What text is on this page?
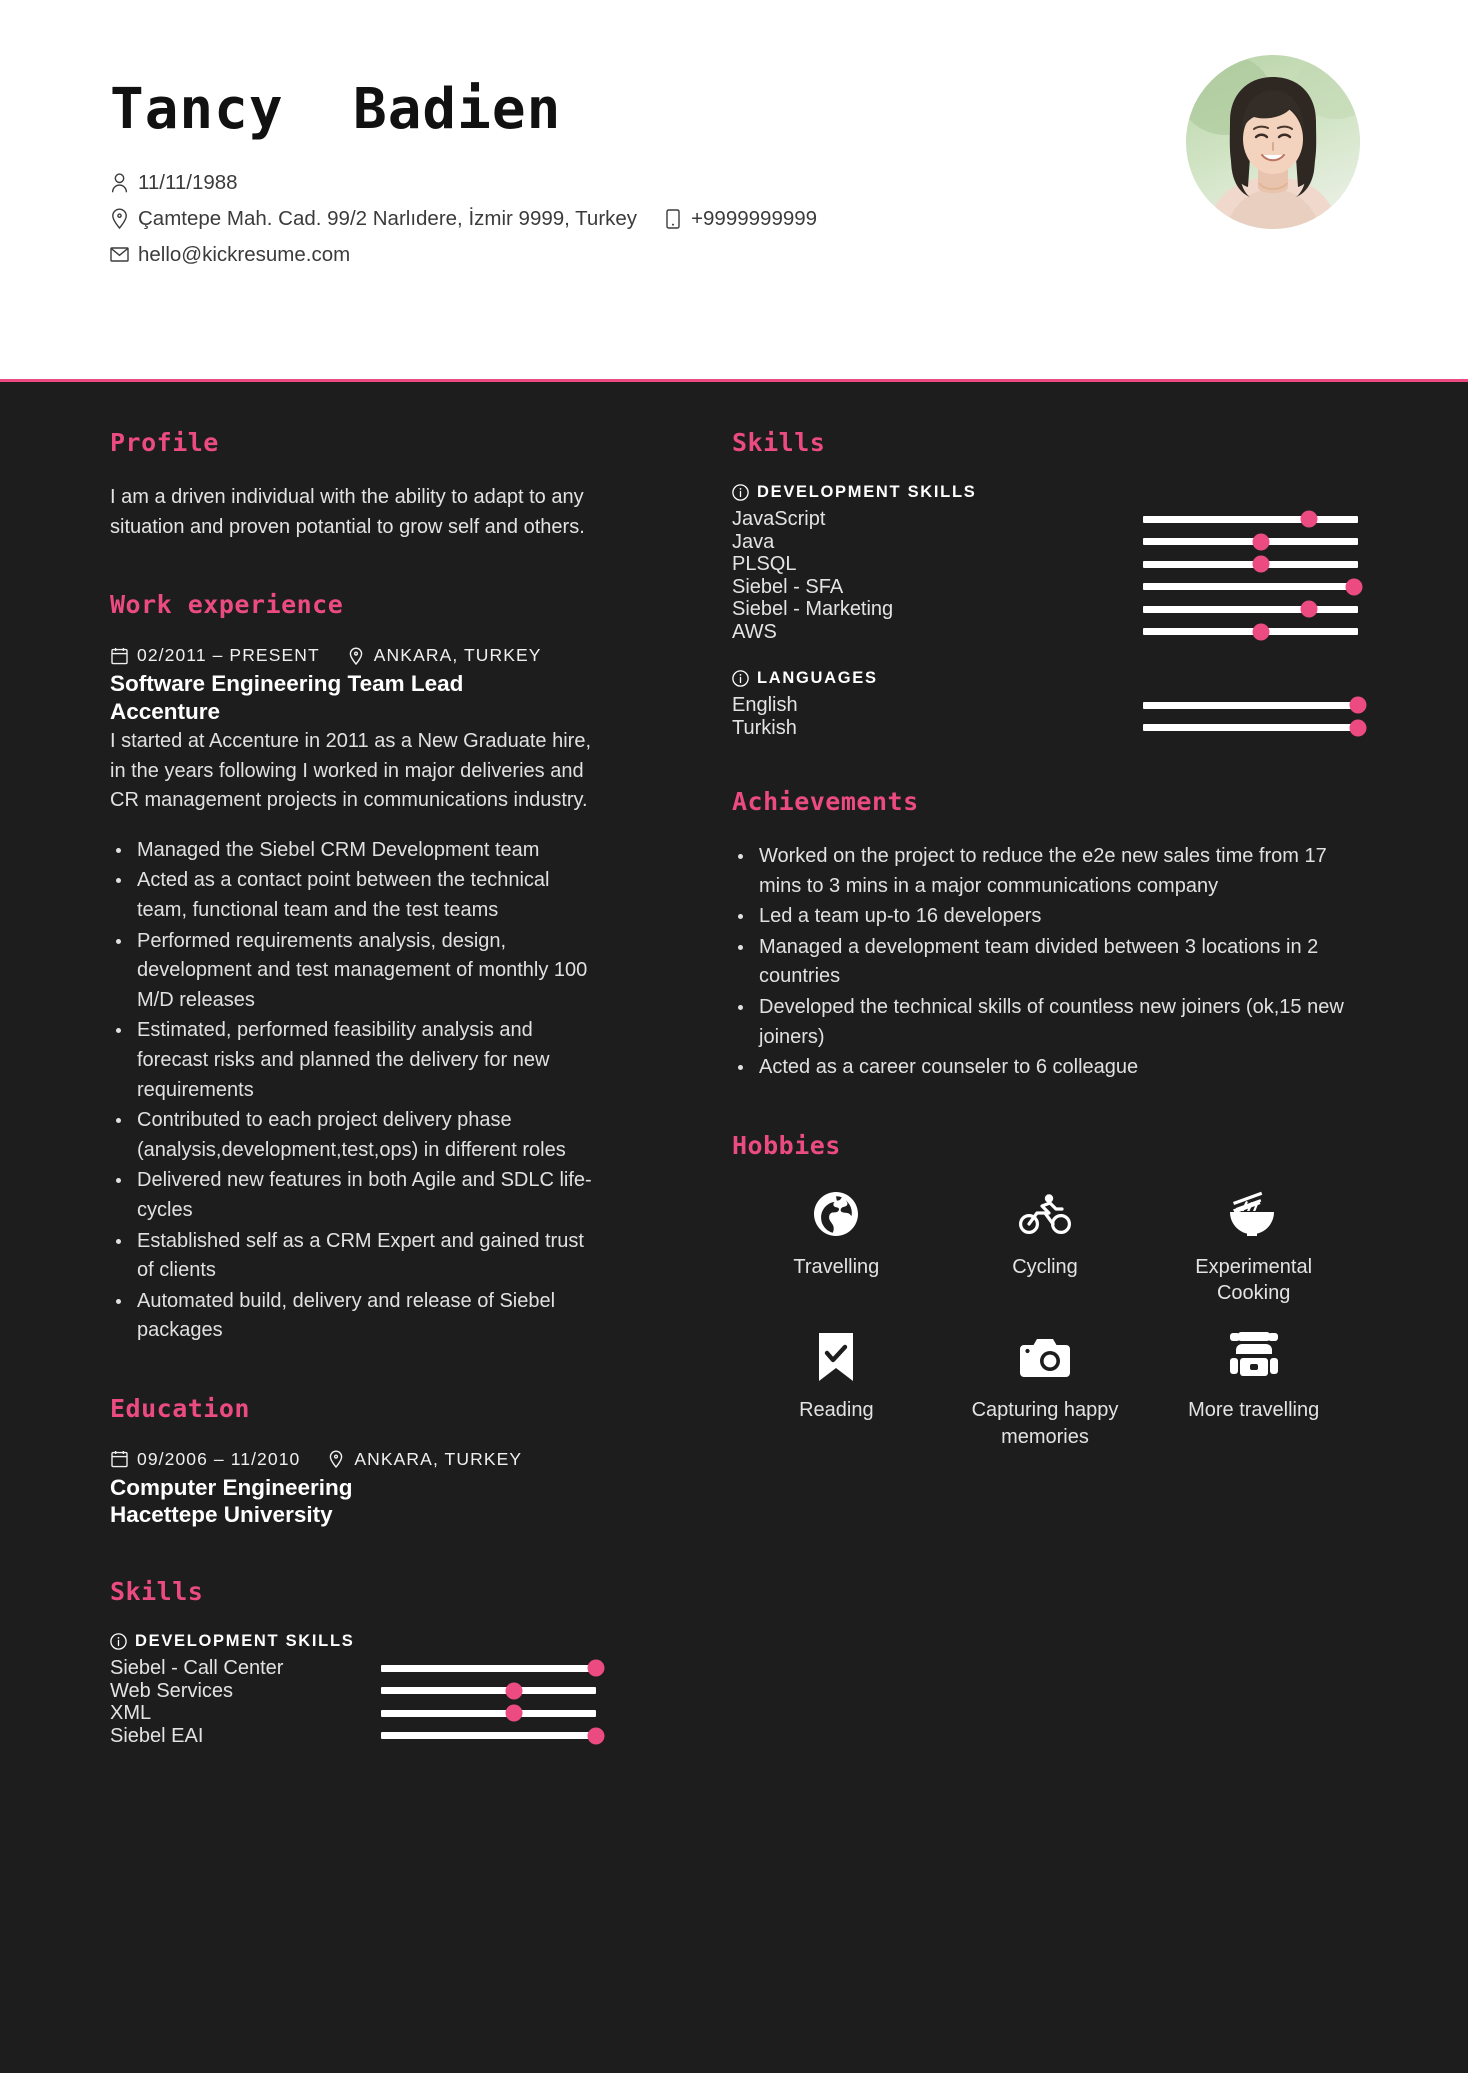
Tancy  Badien
11/11/1988
Çamtepe Mah. Cad. 99/2 Narlıdere, İzmir 9999, Turkey	+9999999999
hello@kickresume.com
Profile
I am a driven individual with the ability to adapt to any situation and proven potantial to grow self and others.
Work experience
02/2011 – PRESENT	ANKARA, TURKEY
Software Engineering Team Lead
Accenture
I started at Accenture in 2011 as a New Graduate hire, in the years following I worked in major deliveries and CR management projects in communications industry.
Managed the Siebel CRM Development team
Acted as a contact point between the technical team, functional team and the test teams
Performed requirements analysis, design, development and test management of monthly 100 M/D releases
Estimated, performed feasibility analysis and forecast risks and planned the delivery for new requirements
Contributed to each project delivery phase (analysis,development,test,ops) in different roles
Delivered new features in both Agile and SDLC life-cycles
Established self as a CRM Expert and gained trust of clients
Automated build, delivery and release of Siebel packages
Education
09/2006 – 11/2010	ANKARA, TURKEY
Computer Engineering
Hacettepe University
Skills
DEVELOPMENT SKILLS
Siebel - Call Center
Web Services
XML
Siebel EAI
Skills
DEVELOPMENT SKILLS
JavaScript
Java
PLSQL
Siebel - SFA
Siebel - Marketing
AWS
LANGUAGES
English
Turkish
Achievements
Worked on the project to reduce the e2e new sales time from 17 mins to 3 mins in a major communications company
Led a team up-to 16 developers
Managed a development team divided between 3 locations in 2 countries
Developed the technical skills of countless new joiners (ok,15 new joiners)
Acted as a career counseler to 6 colleague
Hobbies
Travelling	Cycling	Experimental Cooking
Reading	Capturing happy memories
More travelling
